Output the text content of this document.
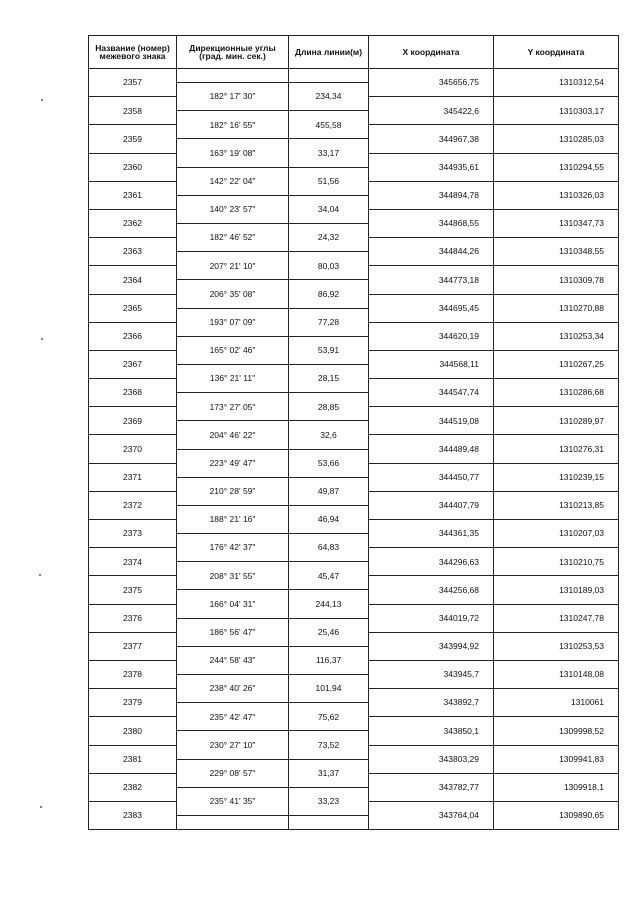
Название (номер) межевого знака	Дирекционные углы (град. мин. сек.)	Длина линии(м)	X координата	Y координата
2357			345656,75	1310312,54
	182° 17' 30"	234,34		
2358			345422,6	1310303,17
	182° 16' 55"	455,58		
2359			344967,38	1310285,03
	163° 19' 08"	33,17		
2360			344935,61	1310294,55
	142° 22' 04"	51,56		
2361			344894,78	1310326,03
	140° 23' 57"	34,04		
2362			344868,55	1310347,73
	182° 46' 52"	24,32		
2363			344844,26	1310348,55
	207° 21' 10"	80,03		
2364			344773,18	1310309,78
	206° 35' 08"	86,92		
2365			344695,45	1310270,88
	193° 07' 09"	77,28		
2366			344620,19	1310253,34
	165° 02' 46"	53,91		
2367			344568,11	1310267,25
	136° 21' 11"	28,15		
2368			344547,74	1310286,68
	173° 27' 05"	28,85		
2369			344519,08	1310289,97
	204° 46' 22"	32,6		
2370			344489,48	1310276,31
	223° 49' 47"	53,66		
2371			344450,77	1310239,15
	210° 28' 59"	49,87		
2372			344407,79	1310213,85
	188° 21' 16"	46,94		
2373			344361,35	1310207,03
	176° 42' 37"	64,83		
2374			344296,63	1310210,75
	208° 31' 55"	45,47		
2375			344256,68	1310189,03
	166° 04' 31"	244,13		
2376			344019,72	1310247,78
	186° 56' 47"	25,46		
2377			343994,92	1310253,53
	244° 58' 43"	116,37		
2378			343945,7	1310148,08
	238° 40' 26"	101,94		
2379			343892,7	1310061
	235° 42' 47"	75,62		
2380			343850,1	1309998,52
	230° 27' 10"	73,52		
2381			343803,29	1309941,83
	229° 08' 57"	31,37		
2382			343782,77	1309918,1
	235° 41' 35"	33,23		
2383			343764,04	1309890,65
